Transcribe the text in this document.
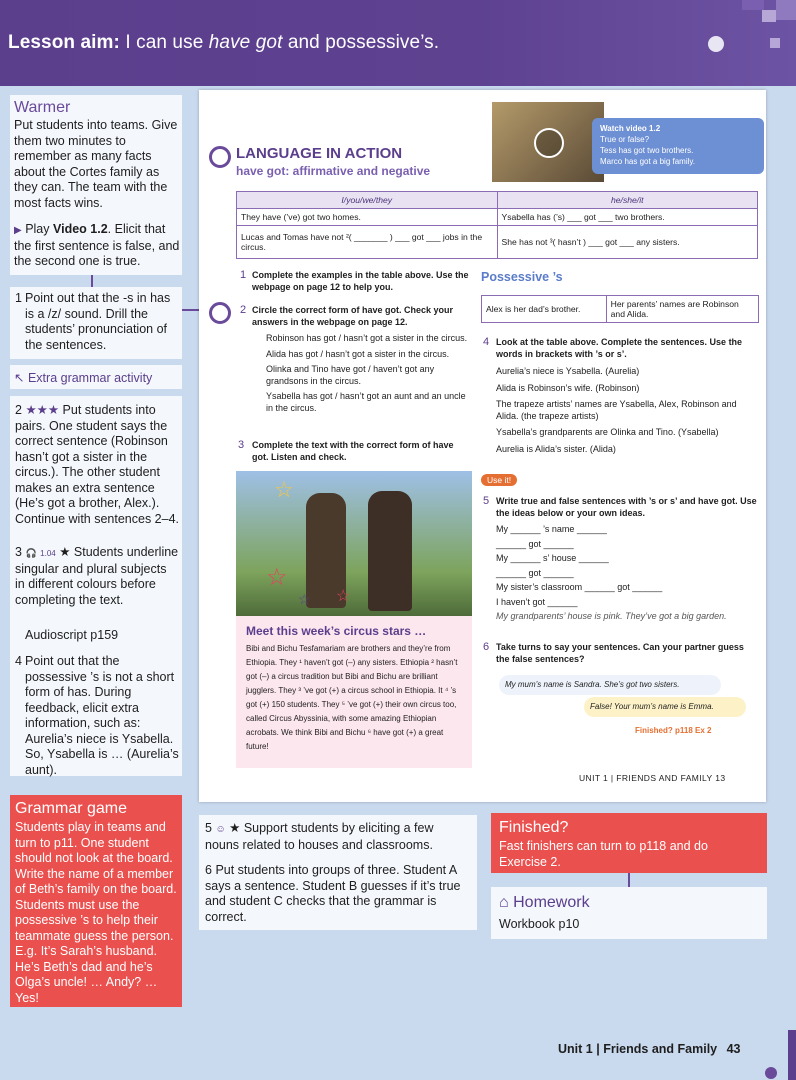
Lesson aim: I can use have got and possessive’s.
Warmer
Put students into teams. Give them two minutes to remember as many facts about the Cortes family as they can. The team with the most facts wins.
▶ Play Video 1.2. Elicit that the first sentence is false, and the second one is true.
1 Point out that the -s in has is a /z/ sound. Drill the students’ pronunciation of the sentences.
↖ Extra grammar activity
2 ★★★ Put students into pairs. One student says the correct sentence (Robinson hasn’t got a sister in the circus.). The other student makes an extra sentence (He’s got a brother, Alex.). Continue with sentences 2–4.
3 🎧 1.04 ★ Students underline singular and plural subjects in different colours before completing the text.
Audioscript p159
4 Point out that the possessive ’s is not a short form of has. During feedback, elicit extra information, such as: Aurelia’s niece is Ysabella. So, Ysabella is … (Aurelia’s aunt).
Grammar game
Students play in teams and turn to p11. One student should not look at the board. Write the name of a member of Beth’s family on the board. Students must use the possessive ’s to help their teammate guess the person. E.g. It’s Sarah’s husband. He’s Beth’s dad and he’s Olga’s uncle! … Andy? … Yes!
Watch video 1.2
True or false?
Tess has got two brothers.
Marco has got a big family.
LANGUAGE IN ACTION
have got: affirmative and negative
I/you/we/they	he/she/it
They have (’ve) got two homes.	Ysabella has (’s) ___ got ___ two brothers.
Lucas and Tomas have not ²( _______ ) ___ got ___ jobs in the circus.	She has not ³( hasn’t ) ___ got ___ any sisters.
1 Complete the examples in the table above. Use the webpage on page 12 to help you.
2 Circle the correct form of have got. Check your answers in the webpage on page 12.
Robinson has got / hasn’t got a sister in the circus.
Alida has got / hasn’t got a sister in the circus.
Olinka and Tino have got / haven’t got any grandsons in the circus.
Ysabella has got / hasn’t got an aunt and an uncle in the circus.
3 Complete the text with the correct form of have got. Listen and check.
☆
☆
☆ ☆
Meet this week’s circus stars …
Bibi and Bichu Tesfamariam are brothers and they’re from Ethiopia. They ¹ haven’t got (–) any sisters. Ethiopia ² hasn’t got (–) a circus tradition but Bibi and Bichu are brilliant jugglers. They ³ ’ve got (+) a circus school in Ethiopia. It ⁴ ’s got (+) 150 students. They ⁵ ’ve got (+) their own circus too, called Circus Abyssinia, with some amazing Ethiopian acrobats. We think Bibi and Bichu ⁶ have got (+) a great future!
Possessive ’s
Alex is her dad’s brother.	Her parents’ names are Robinson and Alida.
4 Look at the table above. Complete the sentences. Use the words in brackets with ’s or s’.
Aurelia’s niece is Ysabella. (Aurelia)
Alida is Robinson’s wife. (Robinson)
The trapeze artists’ names are Ysabella, Alex, Robinson and Alida. (the trapeze artists)
Ysabella’s grandparents are Olinka and Tino. (Ysabella)
Aurelia is Alida’s sister. (Alida)
Use it!
5 Write true and false sentences with ’s or s’ and have got. Use the ideas below or your own ideas.
My ______ ’s name ______
______ got ______
My ______ s’ house ______
______ got ______
My sister’s classroom ______ got ______
I haven’t got ______
My grandparents’ house is pink. They’ve got a big garden.
6 Take turns to say your sentences. Can your partner guess the false sentences?
My mum’s name is Sandra. She’s got two sisters.
False! Your mum’s name is Emma.
Finished? p118 Ex 2
UNIT 1 | FRIENDS AND FAMILY 13
5 ☺ ★ Support students by eliciting a few nouns related to houses and classrooms.
6 Put students into groups of three. Student A says a sentence. Student B guesses if it’s true and student C checks that the grammar is correct.
Finished?
Fast finishers can turn to p118 and do Exercise 2.
⌂ Homework
Workbook p10
Unit 1 | Friends and Family 43
